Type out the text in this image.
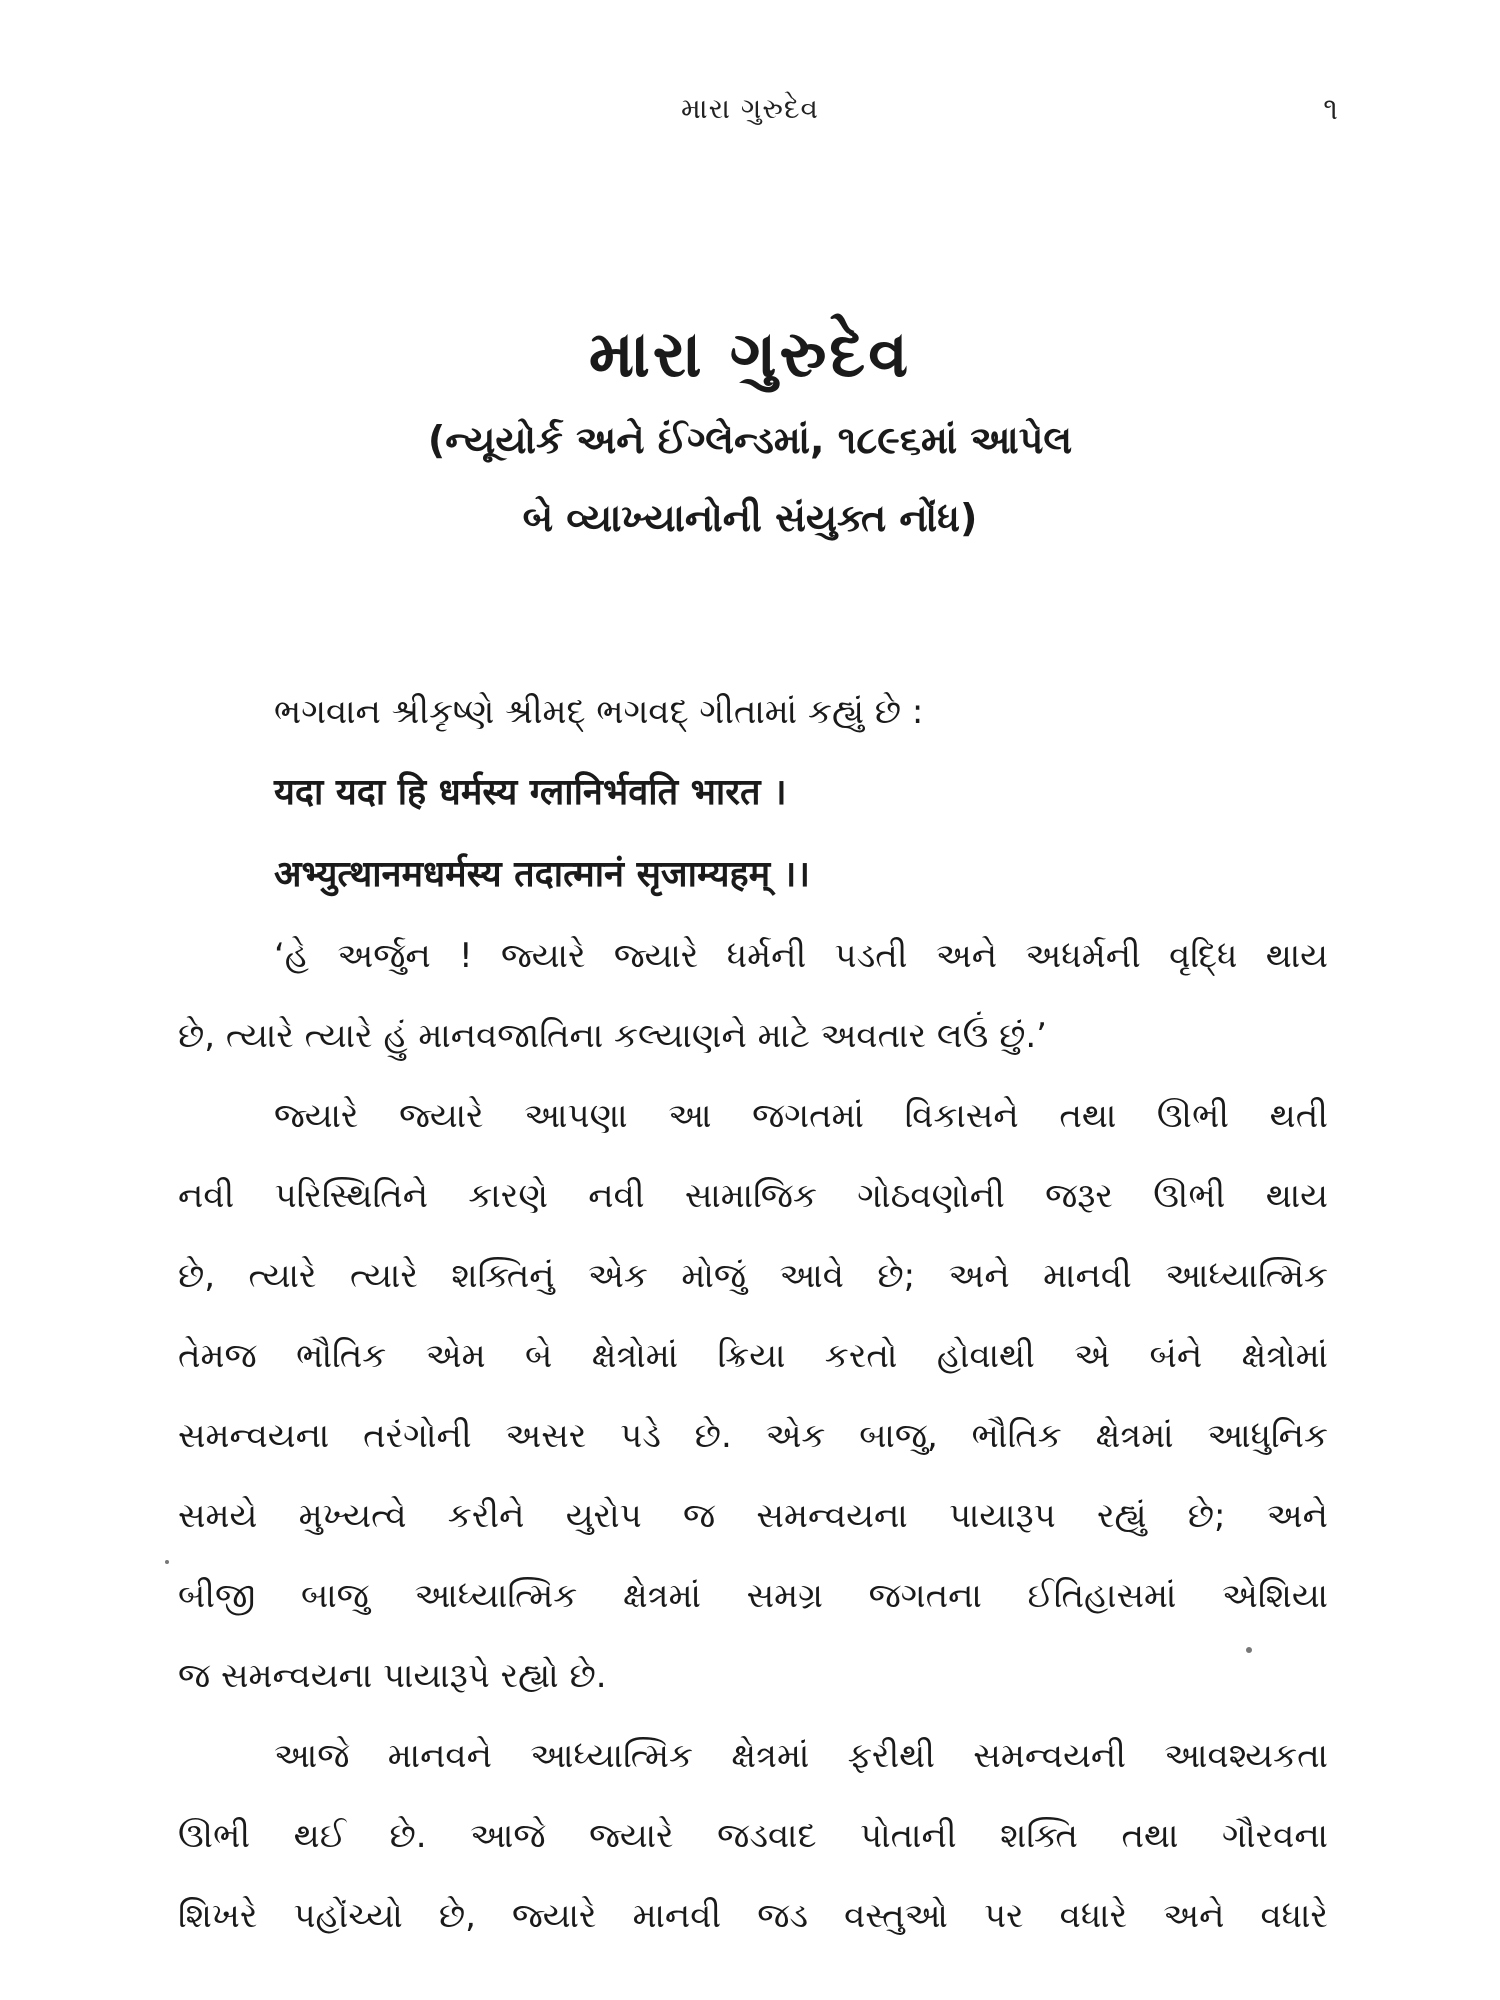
મારા ગુરુદેવ	૧
મારા ગુરુદેવ
(ન્યૂયોર્ક અને ઈંગ્લેન્ડમાં, ૧૮૯૬માં આપેલ
બે વ્યાખ્યાનોની સંયુક્ત નોંધ)
ભગવાન શ્રીકૃષ્ણે શ્રીમદ્ ભગવદ્ ગીતામાં કહ્યું છે :
यदा यदा हि धर्मस्य ग्लानिर्भवति भारत ।
अभ्युत्थानमधर्मस्य तदात्मानं सृजाम्यहम् ।।
‘હે અર્જુન ! જ્યારે જ્યારે ધર્મની પડતી અને અધર્મની વૃદ્ધિ થાય
છે, ત્યારે ત્યારે હું માનવજાતિના કલ્યાણને માટે અવતાર લઉં છું.’
જ્યારે જ્યારે આપણા આ જગતમાં વિકાસને તથા ઊભી થતી
નવી પરિસ્થિતિને કારણે નવી સામાજિક ગોઠવણોની જરૂર ઊભી થાય
છે, ત્યારે ત્યારે શક્તિનું એક મોજું આવે છે; અને માનવી આધ્યાત્મિક
તેમજ ભૌતિક એમ બે ક્ષેત્રોમાં ક્રિયા કરતો હોવાથી એ બંને ક્ષેત્રોમાં
સમન્વયના તરંગોની અસર પડે છે. એક બાજુ, ભૌતિક ક્ષેત્રમાં આધુનિક
સમયે મુખ્યત્વે કરીને યુરોપ જ સમન્વયના પાયારૂપ રહ્યું છે; અને
બીજી બાજુ આધ્યાત્મિક ક્ષેત્રમાં સમગ્ર જગતના ઈતિહાસમાં એશિયા
જ સમન્વયના પાયારૂપે રહ્યો છે.
આજે માનવને આધ્યાત્મિક ક્ષેત્રમાં ફરીથી સમન્વયની આવશ્યકતા
ઊભી થઈ છે. આજે જ્યારે જડવાદ પોતાની શક્તિ તથા ગૌરવના
શિખરે પહોંચ્યો છે, જ્યારે માનવી જડ વસ્તુઓ પર વધારે અને વધારે
